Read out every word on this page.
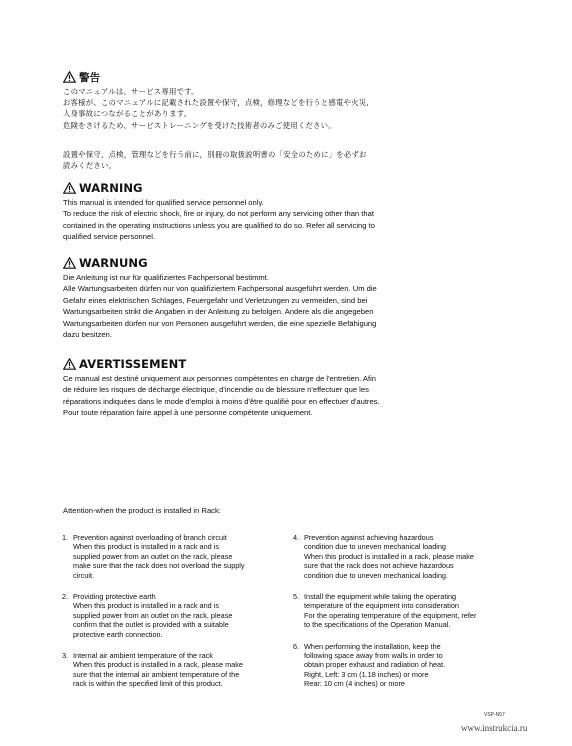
警告

このマニュアルは、サービス専用です。

お客様が、このマニュアルに記載された設置や保守，点検，修理などを行うと感電や火災,

人身事故につながることがあります。

危険をさけるため、サービストレーニングを受けた技術者のみご使用ください。

設置や保守，点検，管理などを行う前に，別冊の取扱説明書の「安全のために」を必ずお

読みください。

WARNING

This manual is intended for qualified service personnel only.

To reduce the risk of electric shock, fire or injury, do not perform any servicing other than that

contained in the operating instructions unless you are qualified to do so. Refer all servicing to

qualified service personnel.

WARNUNG

Die Anleitung ist nur für qualifiziertes Fachpersonal bestimmt.

Alle Wartungsarbeiten dürfen nur von qualifiziertem Fachpersonal ausgeführt werden. Um die

Gefahr eines elektrischen Schlages, Feuergefahr und Verletzungen zu vermeiden, sind bei

Wartungsarbeiten strikt die Angaben in der Anleitung zu befolgen. Andere als die angegeben

Wartungsarbeiten dürfen nur von Personen ausgeführt werden, die eine spezielle Befähigung

dazu besitzen.

AVERTISSEMENT

Ce manual est destiné uniquement aux personnes compétentes en charge de l'entretien. Afin

de réduire les risques de décharge électrique, d'incendie ou de blessure n'effectuer que les

réparations indiquées dans le mode d'emploi à moins d'être qualifié pour en effectuer d'autres.

Pour toute réparation faire appel à une personne compétente uniquement.

Attention-when the product is installed in Rack:
1. Prevention against overloading of branch circuit

When this product is installed in a rack and is

supplied power from an outlet on the rack, please

make sure that the rack does not overload the supply

circuit.

2. Providing protective earth

When this product is installed in a rack and is

supplied power from an outlet on the rack, please

confirm that the outlet is provided with a suitable

protective earth connection.

3. Internal air ambient temperature of the rack

When this product is installed in a rack, please make

sure that the internal air ambient temperature of the

rack is within the specified limit of this product.

4. Prevention against achieving hazardous

condition due to uneven mechanical loading

When this product is installed in a rack, please make

sure that the rack does not achieve hazardous

condition due to uneven mechanical loading.

5. Install the equipment while taking the operating

temperature of the equipment into consideration

For the operating temperature of the equipment, refer

to the specifications of the Operation Manual.

6. When performing the installation, keep the

following space away from walls in order to

obtain proper exhaust and radiation of heat.

Right, Left: 3 cm (1.18 inches) or more

Rear: 10 cm (4 inches) or more

VSP-N57
www.instrukcia.ru
